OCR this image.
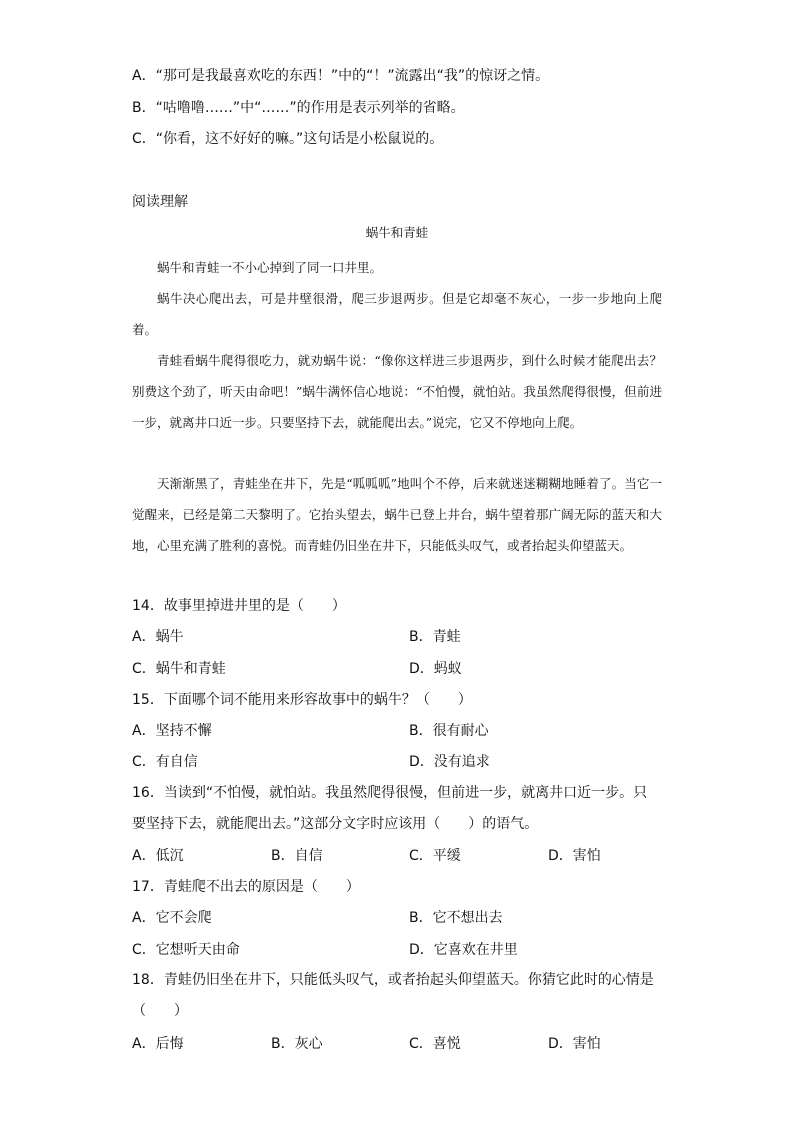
A．“那可是我最喜欢吃的东西！”中的“！”流露出“我”的惊讶之情。
B．“咕噜噜……”中“……”的作用是表示列举的省略。
C．“你看，这不好好的嘛。”这句话是小松鼠说的。
阅读理解
蜗牛和青蛙
蜗牛和青蛙一不小心掉到了同一口井里。
蜗牛决心爬出去，可是井壁很滑，爬三步退两步。但是它却毫不灰心，一步一步地向上爬着。
青蛙看蜗牛爬得很吃力，就劝蜗牛说：“像你这样进三步退两步，到什么时候才能爬出去？别费这个劲了，听天由命吧！”蜗牛满怀信心地说：“不怕慢，就怕站。我虽然爬得很慢，但前进一步，就离井口近一步。只要坚持下去，就能爬出去。”说完，它又不停地向上爬。
天渐渐黑了，青蛙坐在井下，先是“呱呱呱”地叫个不停，后来就迷迷糊糊地睡着了。当它一觉醒来，已经是第二天黎明了。它抬头望去，蜗牛已登上井台，蜗牛望着那广阔无际的蓝天和大地，心里充满了胜利的喜悦。而青蛙仍旧坐在井下，只能低头叹气，或者抬起头仰望蓝天。
14．故事里掉进井里的是（　　）
A．蜗牛	B．青蛙
C．蜗牛和青蛙	D．蚂蚁
15．下面哪个词不能用来形容故事中的蜗牛？（　　）
A．坚持不懈	B．很有耐心
C．有自信	D．没有追求
16．当读到“不怕慢，就怕站。我虽然爬得很慢，但前进一步，就离井口近一步。只要坚持下去，就能爬出去。”这部分文字时应该用（　　）的语气。
A．低沉	B．自信	C．平缓	D．害怕
17．青蛙爬不出去的原因是（　　）
A．它不会爬	B．它不想出去
C．它想听天由命	D．它喜欢在井里
18．青蛙仍旧坐在井下，只能低头叹气，或者抬起头仰望蓝天。你猜它此时的心情是（　　）
A．后悔	B．灰心	C．喜悦	D．害怕
